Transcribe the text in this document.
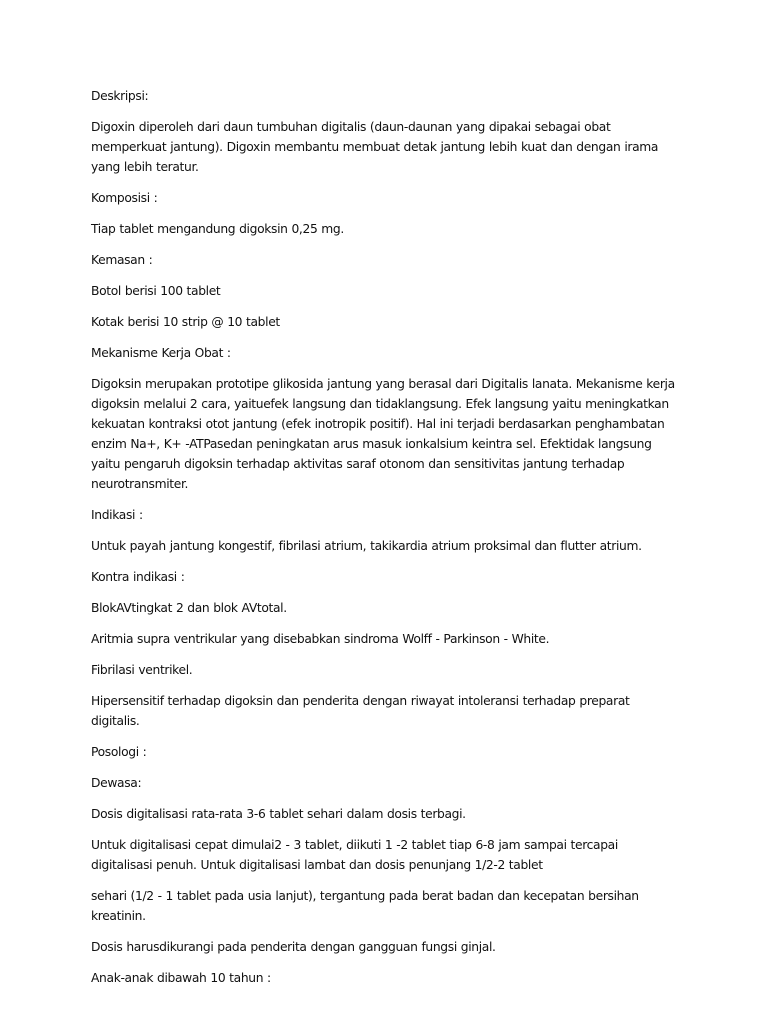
Deskripsi:

Digoxin diperoleh dari daun tumbuhan digitalis (daun-daunan yang dipakai sebagai obat memperkuat jantung). Digoxin membantu membuat detak jantung lebih kuat dan dengan irama yang lebih teratur.

Komposisi :

Tiap tablet mengandung digoksin 0,25 mg.

Kemasan :

Botol berisi 100 tablet

Kotak berisi 10 strip @ 10 tablet

Mekanisme Kerja Obat :

Digoksin merupakan prototipe glikosida jantung yang berasal dari Digitalis lanata. Mekanisme kerja digoksin melalui 2 cara, yaituefek langsung dan tidaklangsung. Efek langsung yaitu meningkatkan kekuatan kontraksi otot jantung (efek inotropik positif). Hal ini terjadi berdasarkan penghambatan enzim Na+, K+ -ATPasedan peningkatan arus masuk ionkalsium keintra sel. Efektidak langsung yaitu pengaruh digoksin terhadap aktivitas saraf otonom dan sensitivitas jantung terhadap neurotransmiter.

Indikasi :

Untuk payah jantung kongestif, fibrilasi atrium, takikardia atrium proksimal dan flutter atrium.

Kontra indikasi :

BlokAVtingkat 2 dan blok AVtotal.

Aritmia supra ventrikular yang disebabkan sindroma Wolff - Parkinson - White.

Fibrilasi ventrikel.

Hipersensitif terhadap digoksin dan penderita dengan riwayat intoleransi terhadap preparat digitalis.

Posologi :

Dewasa:

Dosis digitalisasi rata-rata 3-6 tablet sehari dalam dosis terbagi.

Untuk digitalisasi cepat dimulai2 - 3 tablet, diikuti 1 -2 tablet tiap 6-8 jam sampai tercapai digitalisasi penuh. Untuk digitalisasi lambat dan dosis penunjang 1/2-2 tablet

sehari (1/2 - 1 tablet pada usia lanjut), tergantung pada berat badan dan kecepatan bersihan kreatinin.

Dosis harusdikurangi pada penderita dengan gangguan fungsi ginjal.

Anak-anak dibawah 10 tahun :
